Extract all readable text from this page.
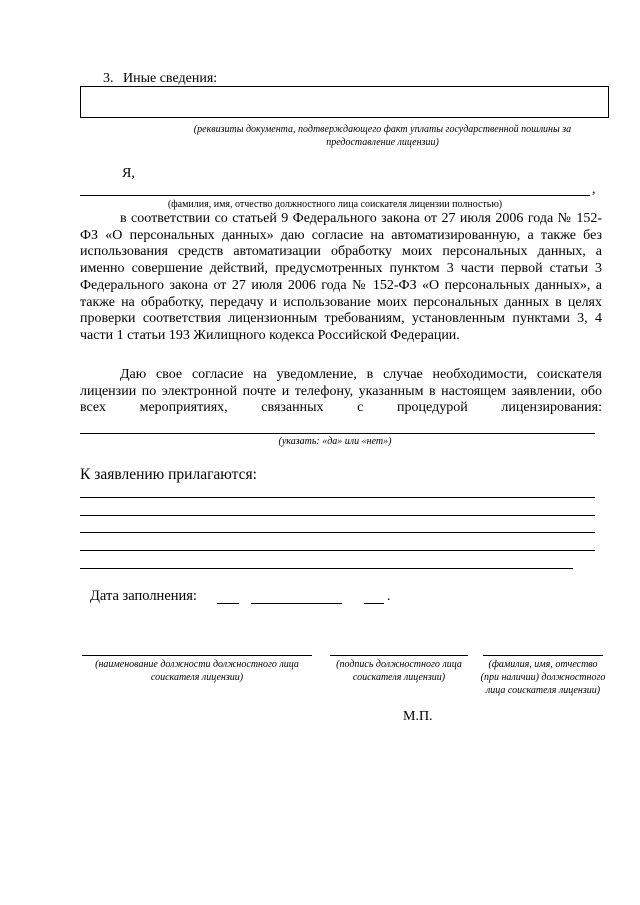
3. Иные сведения:
(реквизиты документа, подтверждающего факт уплаты государственной пошлины за предоставление лицензии)
Я,
,
(фамилия, имя, отчество должностного лица соискателя лицензии полностью)
в соответствии со статьей 9 Федерального закона от 27 июля 2006 года № 152-ФЗ «О персональных данных» даю согласие на автоматизированную, а также без использования средств автоматизации обработку моих персональных данных, а именно совершение действий, предусмотренных пунктом 3 части первой статьи 3 Федерального закона от 27 июля 2006 года № 152-ФЗ «О персональных данных», а также на обработку, передачу и использование моих персональных данных в целях проверки соответствия лицензионным требованиям, установленным пунктами 3, 4 части 1 статьи 193 Жилищного кодекса Российской Федерации.
Даю свое согласие на уведомление, в случае необходимости, соискателя лицензии по электронной почте и телефону, указанным в настоящем заявлении, обо всех мероприятиях, связанных с процедурой лицензирования:
(указать: «да» или «нет»)
К заявлению прилагаются:
Дата заполнения:	.
(наименование должности должностного лица соискателя лицензии)
(подпись должностного лица соискателя лицензии)
(фамилия, имя, отчество (при наличии) должностного лица соискателя лицензии)
М.П.
